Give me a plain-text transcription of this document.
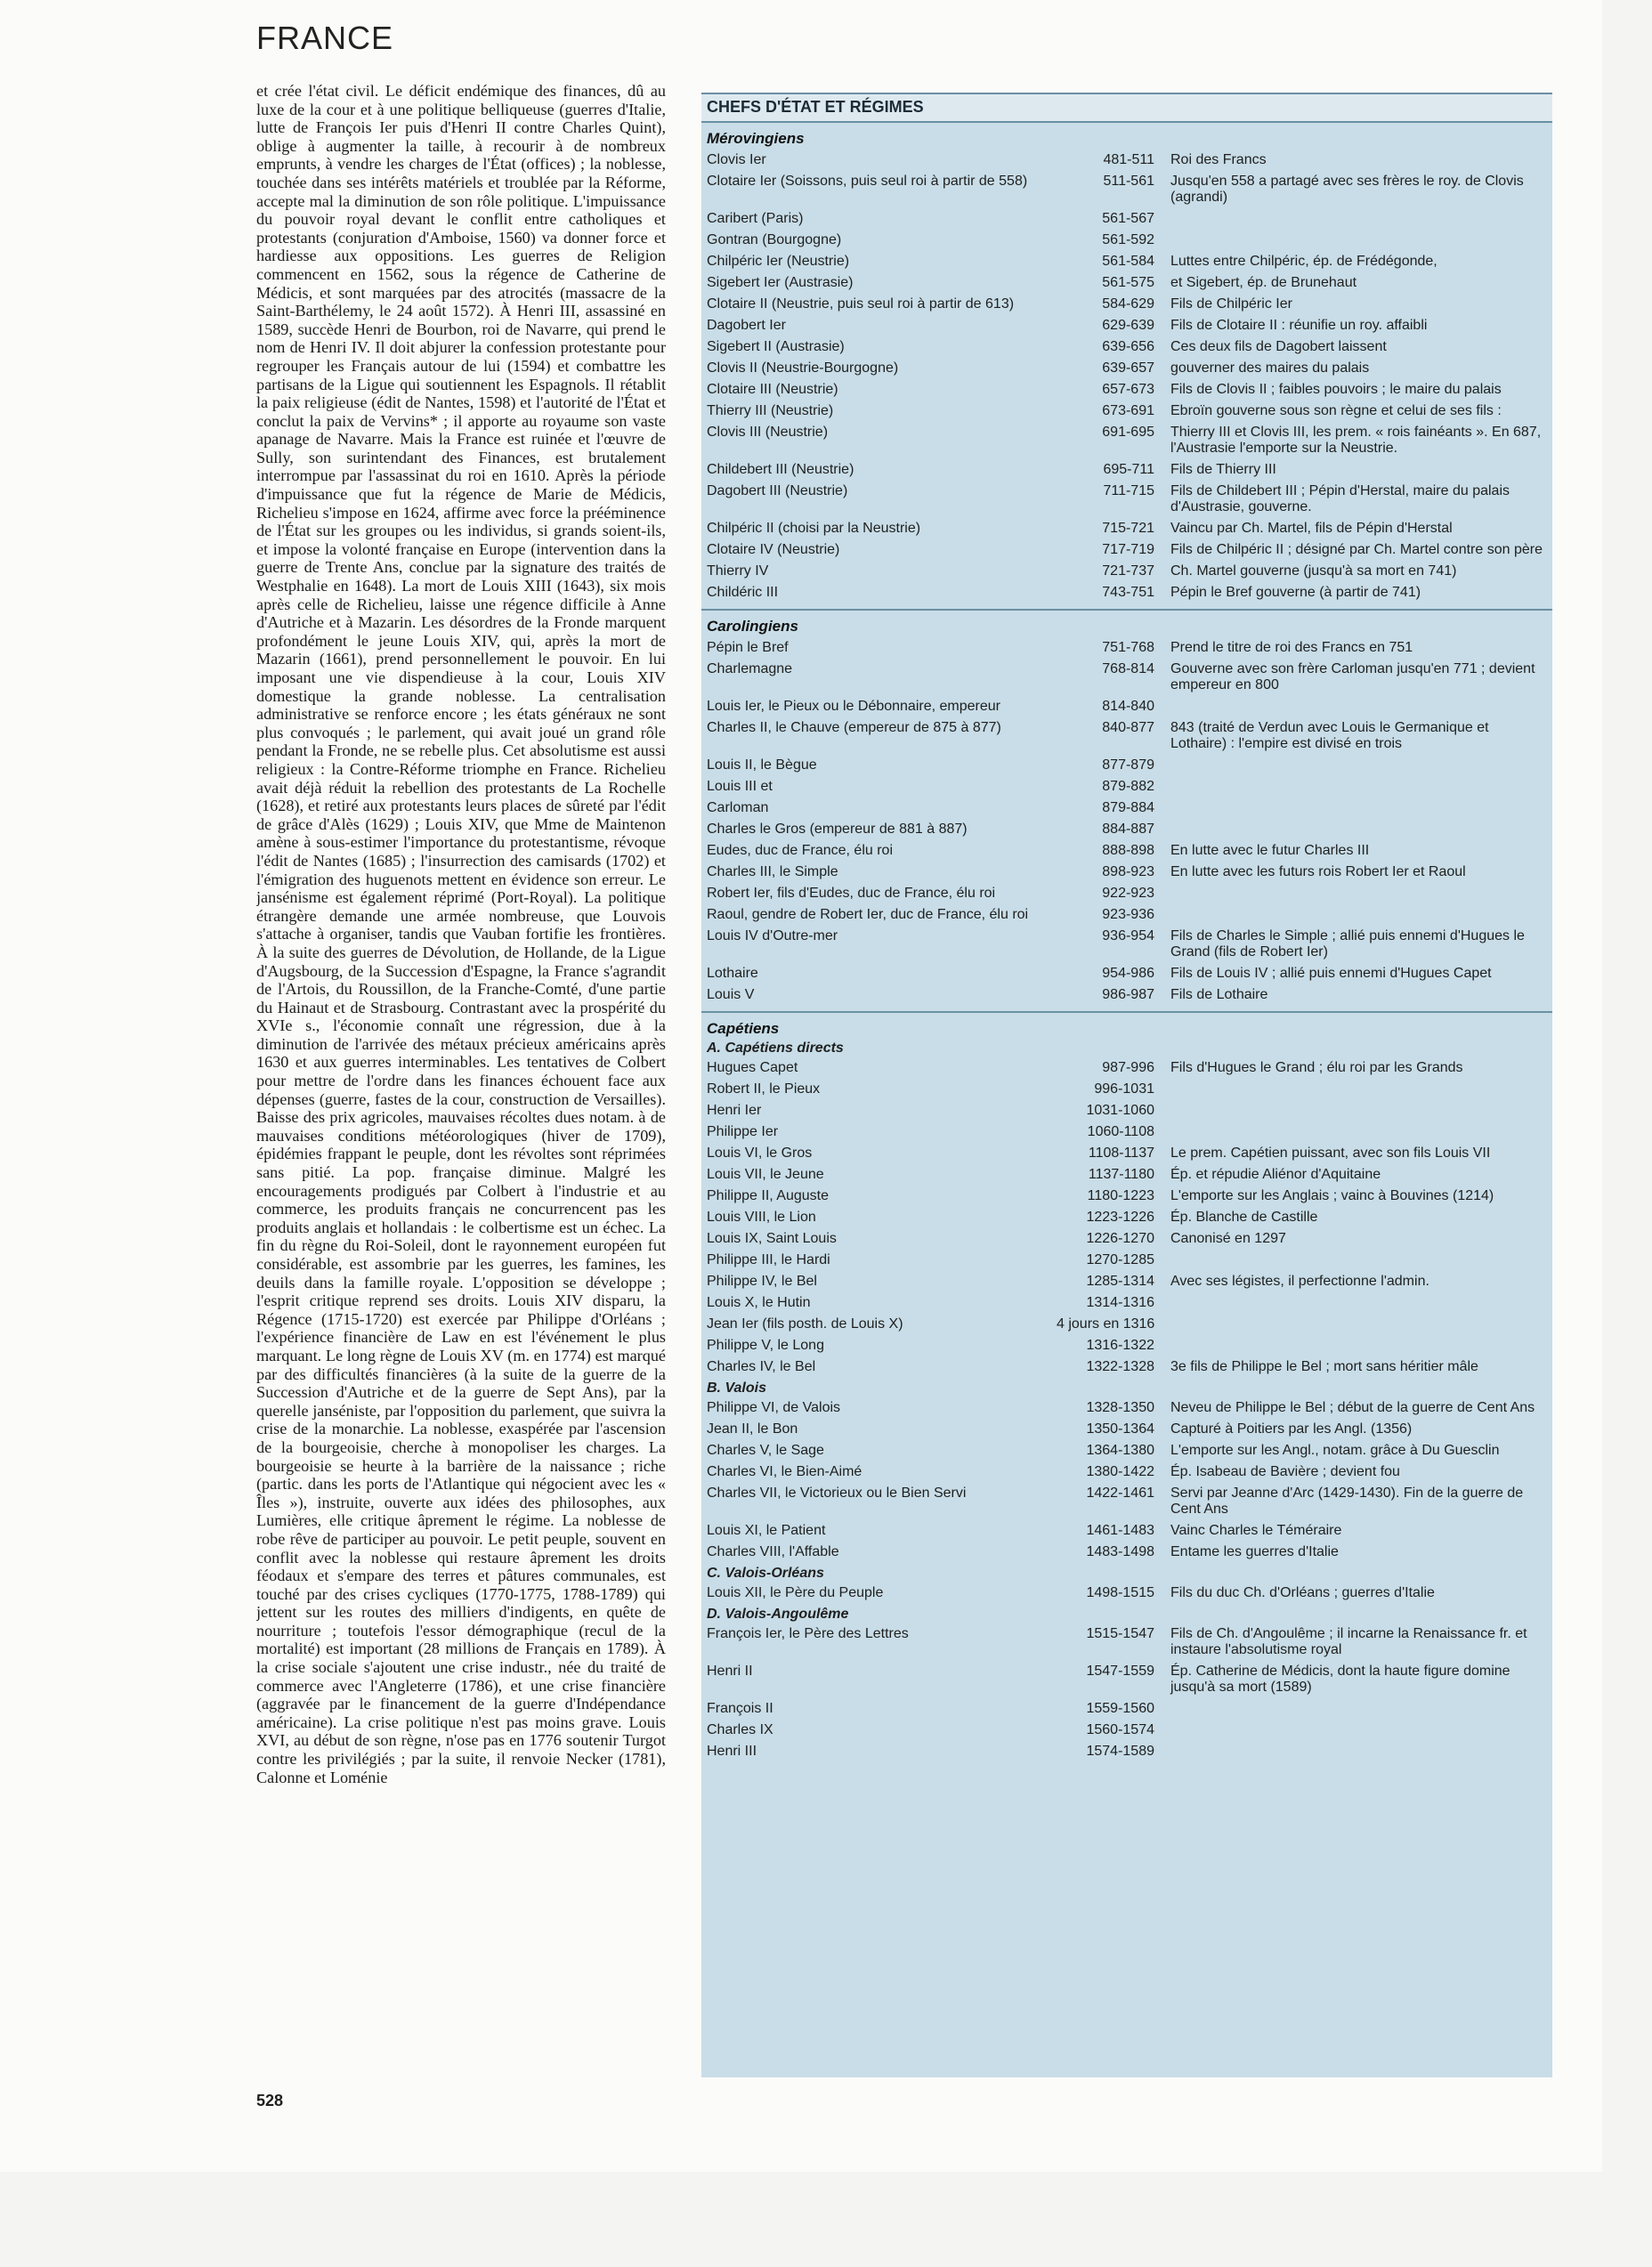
FRANCE
et crée l'état civil. Le déficit endémique des finances, dû au luxe de la cour et à une politique belliqueuse (guerres d'Italie, lutte de François Ier puis d'Henri II contre Charles Quint), oblige à augmenter la taille, à recourir à de nombreux emprunts, à vendre les charges de l'État (offices) ; la noblesse, touchée dans ses intérêts matériels et troublée par la Réforme, accepte mal la diminution de son rôle politique. L'impuissance du pouvoir royal devant le conflit entre catholiques et protestants (conjuration d'Amboise, 1560) va donner force et hardiesse aux oppositions. Les guerres de Religion commencent en 1562, sous la régence de Catherine de Médicis, et sont marquées par des atrocités (massacre de la Saint-Barthélemy, le 24 août 1572). À Henri III, assassiné en 1589, succède Henri de Bourbon, roi de Navarre, qui prend le nom de Henri IV. Il doit abjurer la confession protestante pour regrouper les Français autour de lui (1594) et combattre les partisans de la Ligue qui soutiennent les Espagnols. Il rétablit la paix religieuse (édit de Nantes, 1598) et l'autorité de l'État et conclut la paix de Vervins* ; il apporte au royaume son vaste apanage de Navarre. Mais la France est ruinée et l'œuvre de Sully, son surintendant des Finances, est brutalement interrompue par l'assassinat du roi en 1610. Après la période d'impuissance que fut la régence de Marie de Médicis, Richelieu s'impose en 1624, affirme avec force la prééminence de l'État sur les groupes ou les individus, si grands soient-ils, et impose la volonté française en Europe (intervention dans la guerre de Trente Ans, conclue par la signature des traités de Westphalie en 1648). La mort de Louis XIII (1643), six mois après celle de Richelieu, laisse une régence difficile à Anne d'Autriche et à Mazarin. Les désordres de la Fronde marquent profondément le jeune Louis XIV, qui, après la mort de Mazarin (1661), prend personnellement le pouvoir. En lui imposant une vie dispendieuse à la cour, Louis XIV domestique la grande noblesse. La centralisation administrative se renforce encore ; les états généraux ne sont plus convoqués ; le parlement, qui avait joué un grand rôle pendant la Fronde, ne se rebelle plus. Cet absolutisme est aussi religieux : la Contre-Réforme triomphe en France. Richelieu avait déjà réduit la rebellion des protestants de La Rochelle (1628), et retiré aux protestants leurs places de sûreté par l'édit de grâce d'Alès (1629) ; Louis XIV, que Mme de Maintenon amène à sous-estimer l'importance du protestantisme, révoque l'édit de Nantes (1685) ; l'insurrection des camisards (1702) et l'émigration des huguenots mettent en évidence son erreur. Le jansénisme est également réprimé (Port-Royal). La politique étrangère demande une armée nombreuse, que Louvois s'attache à organiser, tandis que Vauban fortifie les frontières. À la suite des guerres de Dévolution, de Hollande, de la Ligue d'Augsbourg, de la Succession d'Espagne, la France s'agrandit de l'Artois, du Roussillon, de la Franche-Comté, d'une partie du Hainaut et de Strasbourg. Contrastant avec la prospérité du XVIe s., l'économie connaît une régression, due à la diminution de l'arrivée des métaux précieux américains après 1630 et aux guerres interminables. Les tentatives de Colbert pour mettre de l'ordre dans les finances échouent face aux dépenses (guerre, fastes de la cour, construction de Versailles). Baisse des prix agricoles, mauvaises récoltes dues notam. à de mauvaises conditions météorologiques (hiver de 1709), épidémies frappant le peuple, dont les révoltes sont réprimées sans pitié. La pop. française diminue. Malgré les encouragements prodigués par Colbert à l'industrie et au commerce, les produits français ne concurrencent pas les produits anglais et hollandais : le colbertisme est un échec. La fin du règne du Roi-Soleil, dont le rayonnement européen fut considérable, est assombrie par les guerres, les famines, les deuils dans la famille royale. L'opposition se développe ; l'esprit critique reprend ses droits. Louis XIV disparu, la Régence (1715-1720) est exercée par Philippe d'Orléans ; l'expérience financière de Law en est l'événement le plus marquant. Le long règne de Louis XV (m. en 1774) est marqué par des difficultés financières (à la suite de la guerre de la Succession d'Autriche et de la guerre de Sept Ans), par la querelle janséniste, par l'opposition du parlement, que suivra la crise de la monarchie. La noblesse, exaspérée par l'ascension de la bourgeoisie, cherche à monopoliser les charges. La bourgeoisie se heurte à la barrière de la naissance ; riche (partic. dans les ports de l'Atlantique qui négocient avec les « Îles »), instruite, ouverte aux idées des philosophes, aux Lumières, elle critique âprement le régime. La noblesse de robe rêve de participer au pouvoir. Le petit peuple, souvent en conflit avec la noblesse qui restaure âprement les droits féodaux et s'empare des terres et pâtures communales, est touché par des crises cycliques (1770-1775, 1788-1789) qui jettent sur les routes des milliers d'indigents, en quête de nourriture ; toutefois l'essor démographique (recul de la mortalité) est important (28 millions de Français en 1789). À la crise sociale s'ajoutent une crise industr., née du traité de commerce avec l'Angleterre (1786), et une crise financière (aggravée par le financement de la guerre d'Indépendance américaine). La crise politique n'est pas moins grave. Louis XVI, au début de son règne, n'ose pas en 1776 soutenir Turgot contre les privilégiés ; par la suite, il renvoie Necker (1781), Calonne et Loménie
528
CHEFS D'ÉTAT ET RÉGIMES
Mérovingiens
Clovis Ier	481-511	Roi des Francs
Clotaire Ier (Soissons, puis seul roi à partir de 558)	511-561	Jusqu'en 558 a partagé avec ses frères le roy. de Clovis (agrandi)
Caribert (Paris)	561-567
Gontran (Bourgogne)	561-592
Chilpéric Ier (Neustrie)	561-584	Luttes entre Chilpéric, ép. de Frédégonde,
Sigebert Ier (Austrasie)	561-575	et Sigebert, ép. de Brunehaut
Clotaire II (Neustrie, puis seul roi à partir de 613)	584-629	Fils de Chilpéric Ier
Dagobert Ier	629-639	Fils de Clotaire II : réunifie un roy. affaibli
Sigebert II (Austrasie)	639-656	Ces deux fils de Dagobert laissent
Clovis II (Neustrie-Bourgogne)	639-657	gouverner des maires du palais
Clotaire III (Neustrie)	657-673	Fils de Clovis II ; faibles pouvoirs ; le maire du palais
Thierry III (Neustrie)	673-691	Ebroïn gouverne sous son règne et celui de ses fils :
Clovis III (Neustrie)	691-695	Thierry III et Clovis III, les prem. « rois fainéants ». En 687, l'Austrasie l'emporte sur la Neustrie.
Childebert III (Neustrie)	695-711	Fils de Thierry III
Dagobert III (Neustrie)	711-715	Fils de Childebert III ; Pépin d'Herstal, maire du palais d'Austrasie, gouverne.
Chilpéric II (choisi par la Neustrie)	715-721	Vaincu par Ch. Martel, fils de Pépin d'Herstal
Clotaire IV (Neustrie)	717-719	Fils de Chilpéric II ; désigné par Ch. Martel contre son père
Thierry IV	721-737	Ch. Martel gouverne (jusqu'à sa mort en 741)
Childéric III	743-751	Pépin le Bref gouverne (à partir de 741)
Carolingiens
Pépin le Bref	751-768	Prend le titre de roi des Francs en 751
Charlemagne	768-814	Gouverne avec son frère Carloman jusqu'en 771 ; devient empereur en 800
Louis Ier, le Pieux ou le Débonnaire, empereur	814-840
Charles II, le Chauve (empereur de 875 à 877)	840-877	843 (traité de Verdun avec Louis le Germanique et Lothaire) : l'empire est divisé en trois
Louis II, le Bègue	877-879
Louis III et	879-882
Carloman	879-884
Charles le Gros (empereur de 881 à 887)	884-887
Eudes, duc de France, élu roi	888-898	En lutte avec le futur Charles III
Charles III, le Simple	898-923	En lutte avec les futurs rois Robert Ier et Raoul
Robert Ier, fils d'Eudes, duc de France, élu roi	922-923
Raoul, gendre de Robert Ier, duc de France, élu roi	923-936
Louis IV d'Outre-mer	936-954	Fils de Charles le Simple ; allié puis ennemi d'Hugues le Grand (fils de Robert Ier)
Lothaire	954-986	Fils de Louis IV ; allié puis ennemi d'Hugues Capet
Louis V	986-987	Fils de Lothaire
Capétiens
A. Capétiens directs
Hugues Capet	987-996	Fils d'Hugues le Grand ; élu roi par les Grands
Robert II, le Pieux	996-1031
Henri Ier	1031-1060
Philippe Ier	1060-1108
Louis VI, le Gros	1108-1137	Le prem. Capétien puissant, avec son fils Louis VII
Louis VII, le Jeune	1137-1180	Ép. et répudie Aliénor d'Aquitaine
Philippe II, Auguste	1180-1223	L'emporte sur les Anglais ; vainc à Bouvines (1214)
Louis VIII, le Lion	1223-1226	Ép. Blanche de Castille
Louis IX, Saint Louis	1226-1270	Canonisé en 1297
Philippe III, le Hardi	1270-1285
Philippe IV, le Bel	1285-1314	Avec ses légistes, il perfectionne l'admin.
Louis X, le Hutin	1314-1316
Jean Ier (fils posth. de Louis X)	4 jours en 1316
Philippe V, le Long	1316-1322
Charles IV, le Bel	1322-1328	3e fils de Philippe le Bel ; mort sans héritier mâle
B. Valois
Philippe VI, de Valois	1328-1350	Neveu de Philippe le Bel ; début de la guerre de Cent Ans
Jean II, le Bon	1350-1364	Capturé à Poitiers par les Angl. (1356)
Charles V, le Sage	1364-1380	L'emporte sur les Angl., notam. grâce à Du Guesclin
Charles VI, le Bien-Aimé	1380-1422	Ép. Isabeau de Bavière ; devient fou
Charles VII, le Victorieux ou le Bien Servi	1422-1461	Servi par Jeanne d'Arc (1429-1430). Fin de la guerre de Cent Ans
Louis XI, le Patient	1461-1483	Vainc Charles le Téméraire
Charles VIII, l'Affable	1483-1498	Entame les guerres d'Italie
C. Valois-Orléans
Louis XII, le Père du Peuple	1498-1515	Fils du duc Ch. d'Orléans ; guerres d'Italie
D. Valois-Angoulême
François Ier, le Père des Lettres	1515-1547	Fils de Ch. d'Angoulême ; il incarne la Renaissance fr. et instaure l'absolutisme royal
Henri II	1547-1559	Ép. Catherine de Médicis, dont la haute figure domine jusqu'à sa mort (1589)
François II	1559-1560
Charles IX	1560-1574
Henri III	1574-1589
